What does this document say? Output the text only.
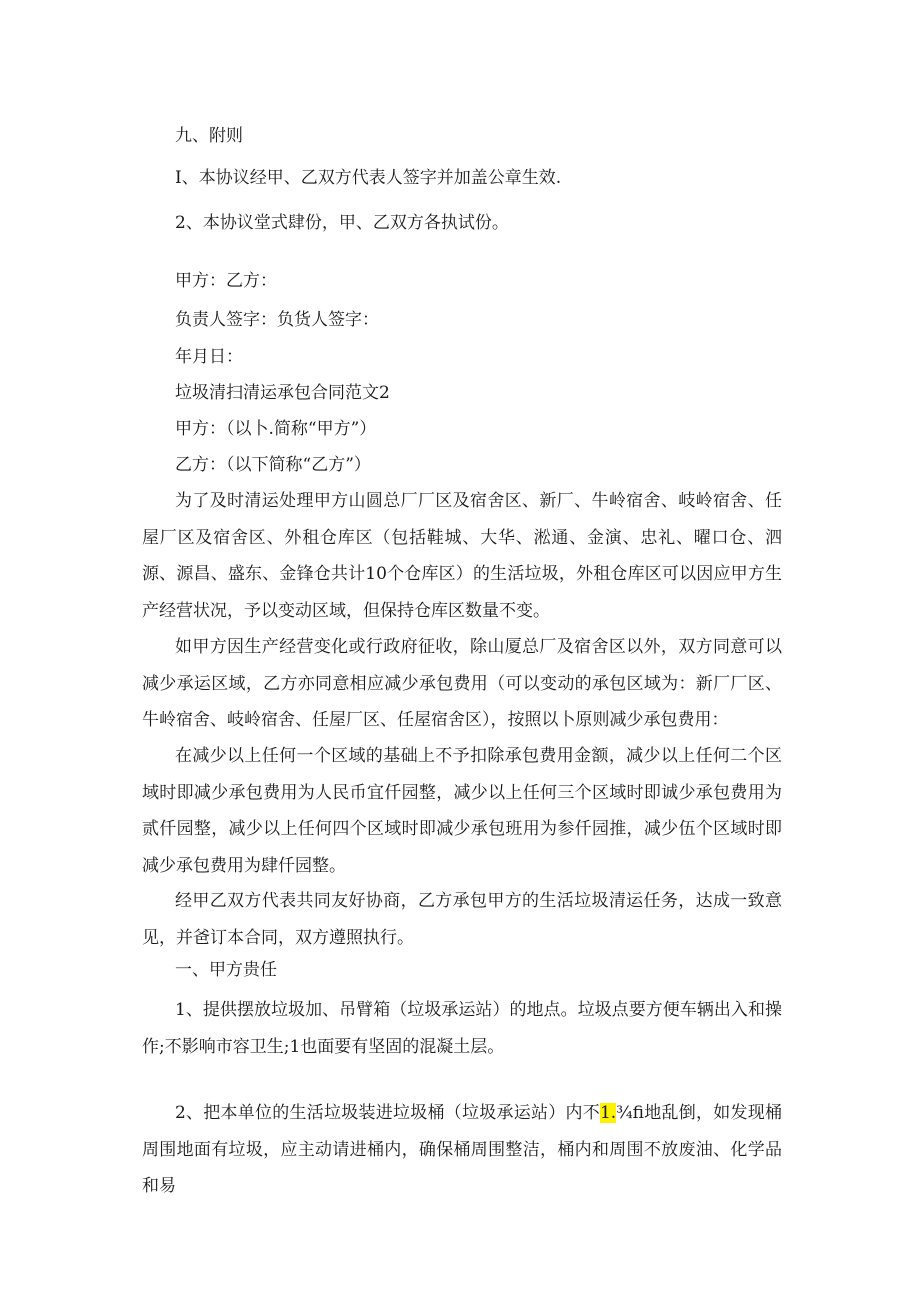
九、附则
I、本协议经甲、乙双方代表人签字并加盖公章生效.
2、本协议堂式肆份，甲、乙双方各执试份。
甲方：乙方：
负责人签字：负货人签字：
年月日：
垃圾清扫清运承包合同范文2
甲方：（以卜.简称“甲方”）
乙方：（以下简称“乙方”）

为了及时清运处理甲方山圆总厂厂区及宿舍区、新厂、牛岭宿舍、岐岭宿舍、任屋厂区及宿舍区、外租仓库区（包括鞋城、大华、淞通、金演、忠礼、曜口仓、泗源、源昌、盛东、金锋仓共计10个仓库区）的生活垃圾，外租仓库区可以因应甲方生产经营状况，予以变动区域，但保持仓库区数量不变。

如甲方因生产经营变化或行政府征收，除山厦总厂及宿舍区以外，双方同意可以减少承运区域，乙方亦同意相应减少承包费用（可以变动的承包区域为：新厂厂区、牛岭宿舍、岐岭宿舍、任屋厂区、任屋宿舍区），按照以卜原则减少承包费用：

在减少以上任何一个区域的基础上不予扣除承包费用金额，减少以上任何二个区域时即减少承包费用为人民币宜仟园整，减少以上任何三个区域时即诚少承包费用为贰仟园整，减少以上任何四个区域时即减少承包班用为参仟园推，减少伍个区域时即减少承包费用为肆仟园整。

经甲乙双方代表共同友好协商，乙方承包甲方的生活垃圾清运任务，达成一致意见，并爸订本合同，双方遵照执行。

一、甲方贵任

1、提供摆放垃圾加、吊臂箱（垃圾承运站）的地点。垃圾点要方便车辆出入和操作;不影响市容卫生;1也面要有坚固的混凝土层。

2、把本单位的生活垃圾装进垃圾桶（垃圾承运站）内不1.¾fi地乱倒，如发现桶周围地面有垃圾，应主动请进桶内，确保桶周围整洁，桶内和周围不放废油、化学品和易
